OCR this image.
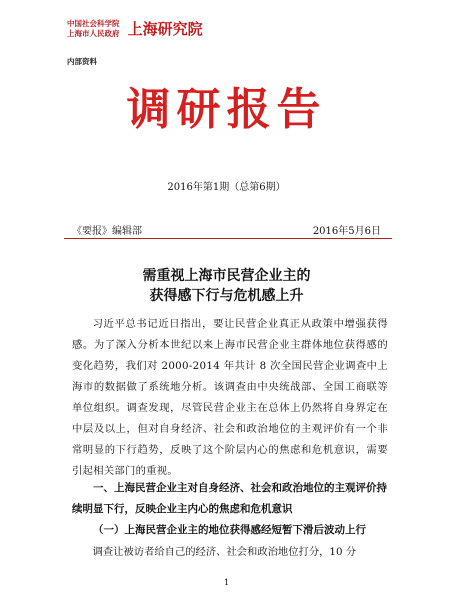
中国社会科学院
上海市人民政府 上海研究院
内部资料
调研报告
2016年第1期（总第6期）
《要报》编辑部	2016年5月6日
需重视上海市民营企业主的
获得感下行与危机感上升
习近平总书记近日指出，要让民营企业真正从政策中增强获得感。为了深入分析本世纪以来上海市民营企业主群体地位获得感的变化趋势，我们对 2000-2014 年共计 8 次全国民营企业调查中上海市的数据做了系统地分析。该调查由中央统战部、全国工商联等单位组织。调查发现，尽管民营企业主在总体上仍然将自身界定在中层及以上，但对自身经济、社会和政治地位的主观评价有一个非常明显的下行趋势，反映了这个阶层内心的焦虑和危机意识，需要引起相关部门的重视。
一、上海民营企业主对自身经济、社会和政治地位的主观评价持续明显下行，反映企业主内心的焦虑和危机意识
（一）上海民营企业主的地位获得感经短暂下滑后波动上行
调查让被访者给自己的经济、社会和政治地位打分，10 分
1
